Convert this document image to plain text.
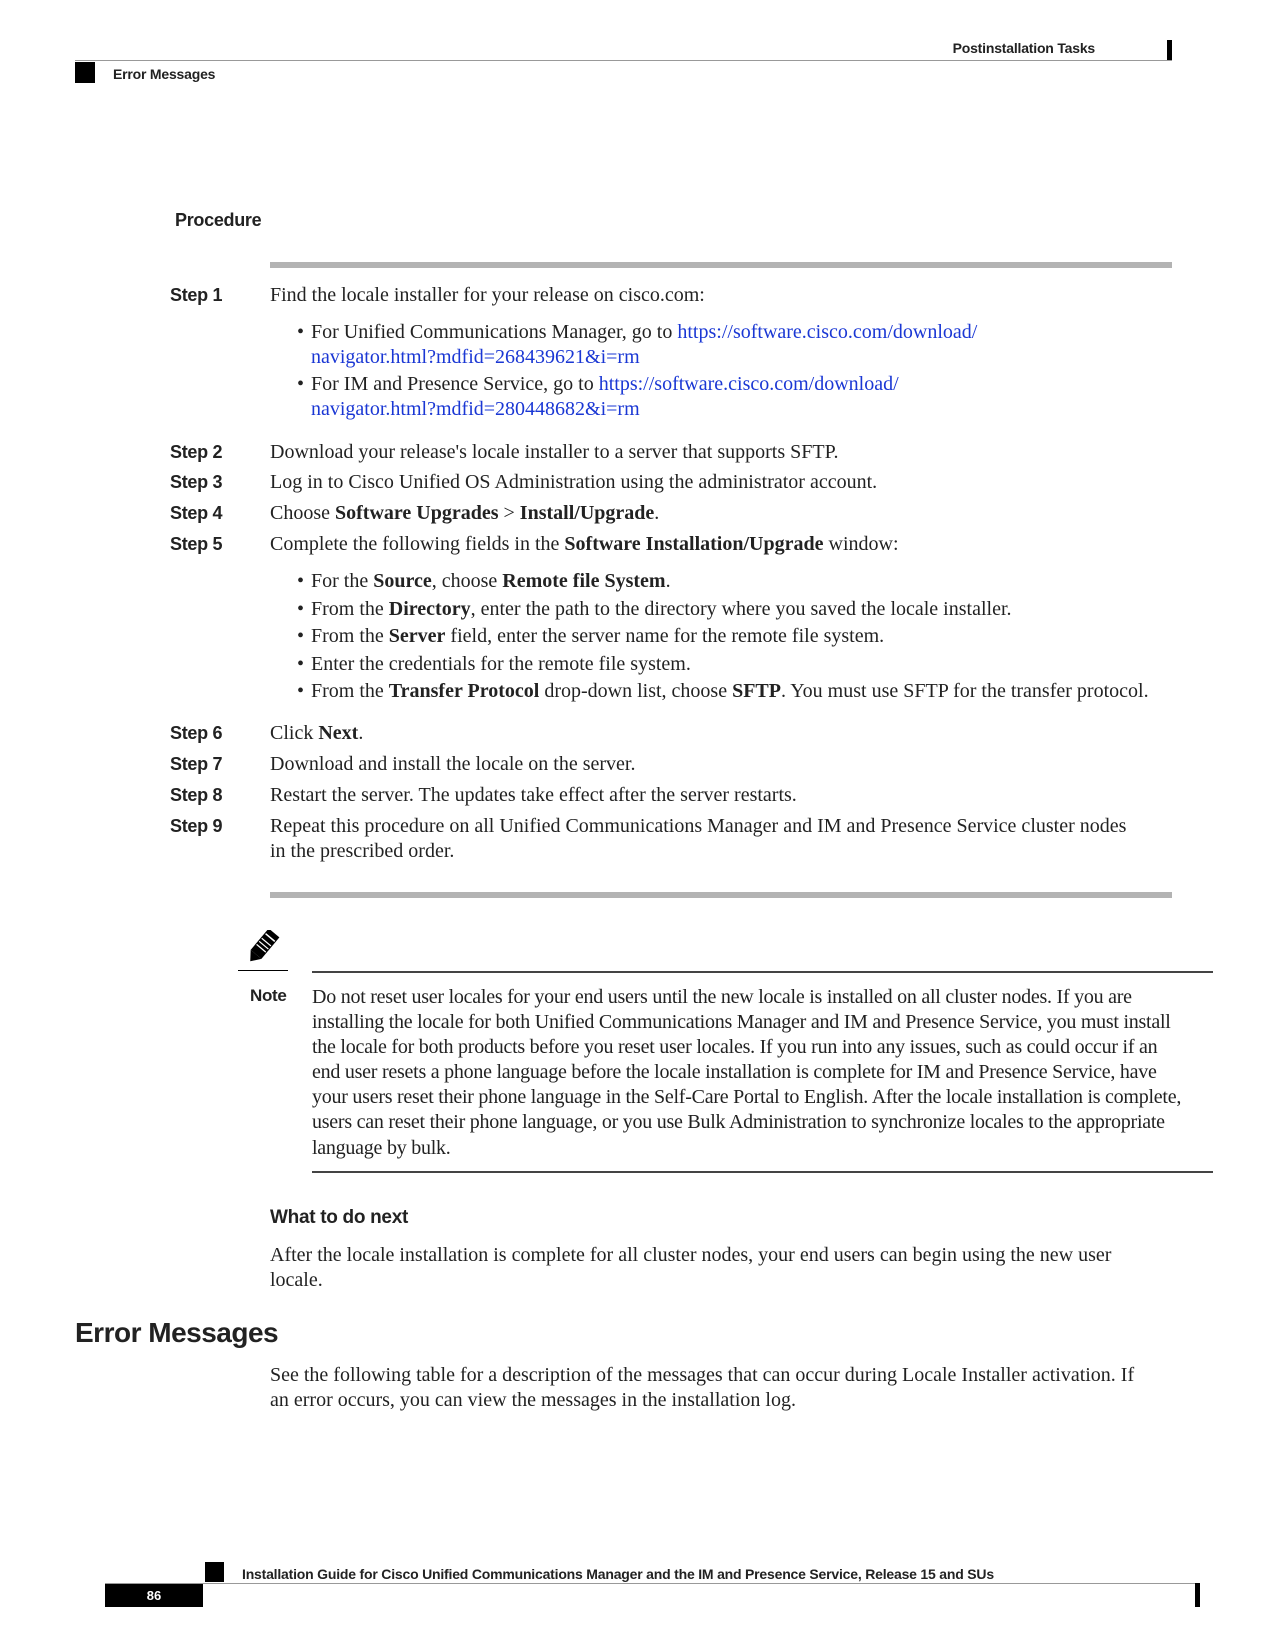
Postinstallation Tasks
Error Messages
Procedure
Step 1 Find the locale installer for your release on cisco.com:
• For Unified Communications Manager, go to https://software.cisco.com/download/
navigator.html?mdfid=268439621&i=rm
• For IM and Presence Service, go to https://software.cisco.com/download/
navigator.html?mdfid=280448682&i=rm
Step 2 Download your release's locale installer to a server that supports SFTP.
Step 3 Log in to Cisco Unified OS Administration using the administrator account.
Step 4 Choose Software Upgrades > Install/Upgrade.
Step 5 Complete the following fields in the Software Installation/Upgrade window:
• For the Source, choose Remote file System.
• From the Directory, enter the path to the directory where you saved the locale installer.
• From the Server field, enter the server name for the remote file system.
• Enter the credentials for the remote file system.
• From the Transfer Protocol drop-down list, choose SFTP. You must use SFTP for the transfer protocol.
Step 6 Click Next.
Step 7 Download and install the locale on the server.
Step 8 Restart the server. The updates take effect after the server restarts.
Step 9 Repeat this procedure on all Unified Communications Manager and IM and Presence Service cluster nodes
in the prescribed order.
Note Do not reset user locales for your end users until the new locale is installed on all cluster nodes. If you are
installing the locale for both Unified Communications Manager and IM and Presence Service, you must install
the locale for both products before you reset user locales. If you run into any issues, such as could occur if an
end user resets a phone language before the locale installation is complete for IM and Presence Service, have
your users reset their phone language in the Self-Care Portal to English. After the locale installation is complete,
users can reset their phone language, or you use Bulk Administration to synchronize locales to the appropriate
language by bulk.
What to do next
After the locale installation is complete for all cluster nodes, your end users can begin using the new user
locale.
Error Messages
See the following table for a description of the messages that can occur during Locale Installer activation. If
an error occurs, you can view the messages in the installation log.
Installation Guide for Cisco Unified Communications Manager and the IM and Presence Service, Release 15 and SUs
86
